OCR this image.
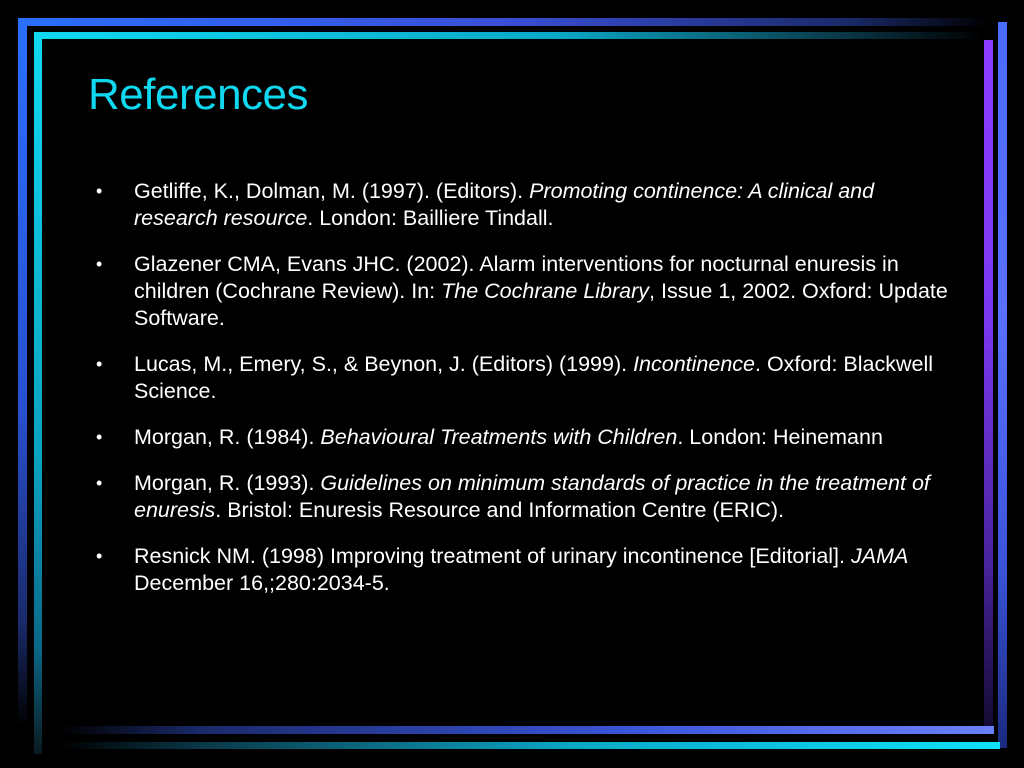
References
• Getliffe, K., Dolman, M. (1997). (Editors). Promoting continence: A clinical and research resource. London: Bailliere Tindall.
• Glazener CMA, Evans JHC. (2002). Alarm interventions for nocturnal enuresis in children (Cochrane Review). In: The Cochrane Library, Issue 1, 2002. Oxford: Update Software.
• Lucas, M., Emery, S., & Beynon, J. (Editors) (1999). Incontinence. Oxford: Blackwell Science.
• Morgan, R. (1984). Behavioural Treatments with Children. London: Heinemann
• Morgan, R. (1993). Guidelines on minimum standards of practice in the treatment of enuresis. Bristol: Enuresis Resource and Information Centre (ERIC).
• Resnick NM. (1998) Improving treatment of urinary incontinence [Editorial]. JAMA December 16,;280:2034-5.
